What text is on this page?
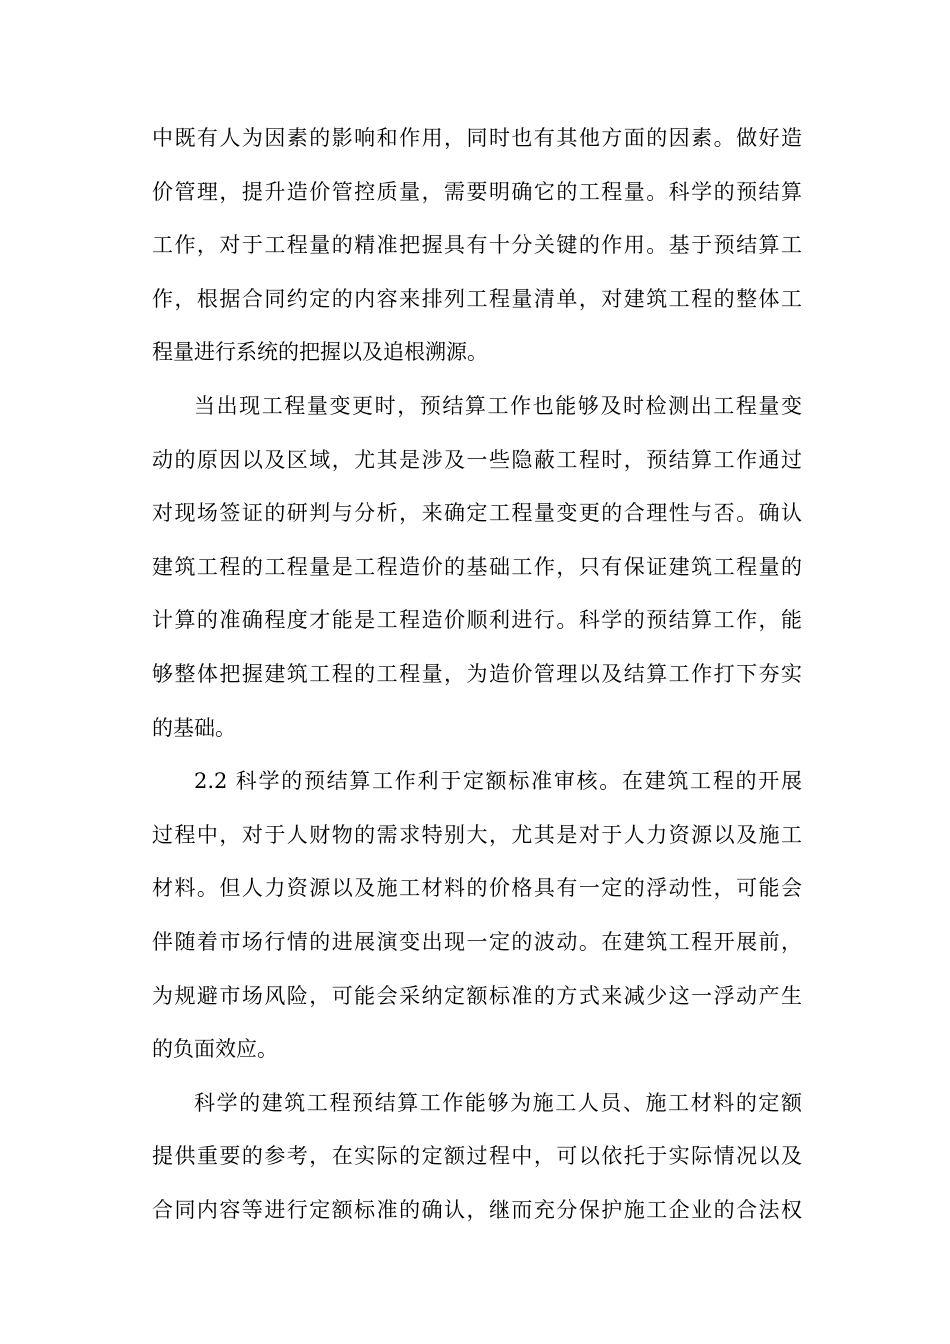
中既有人为因素的影响和作用，同时也有其他方面的因素。做好造
价管理，提升造价管控质量，需要明确它的工程量。科学的预结算
工作，对于工程量的精准把握具有十分关键的作用。基于预结算工
作，根据合同约定的内容来排列工程量清单，对建筑工程的整体工
程量进行系统的把握以及追根溯源。
当出现工程量变更时，预结算工作也能够及时检测出工程量变
动的原因以及区域，尤其是涉及一些隐蔽工程时，预结算工作通过
对现场签证的研判与分析，来确定工程量变更的合理性与否。确认
建筑工程的工程量是工程造价的基础工作，只有保证建筑工程量的
计算的准确程度才能是工程造价顺利进行。科学的预结算工作，能
够整体把握建筑工程的工程量，为造价管理以及结算工作打下夯实
的基础。
2.2 科学的预结算工作利于定额标准审核。在建筑工程的开展
过程中，对于人财物的需求特别大，尤其是对于人力资源以及施工
材料。但人力资源以及施工材料的价格具有一定的浮动性，可能会
伴随着市场行情的进展演变出现一定的波动。在建筑工程开展前，
为规避市场风险，可能会采纳定额标准的方式来减少这一浮动产生
的负面效应。
科学的建筑工程预结算工作能够为施工人员、施工材料的定额
提供重要的参考，在实际的定额过程中，可以依托于实际情况以及
合同内容等进行定额标准的确认，继而充分保护施工企业的合法权
